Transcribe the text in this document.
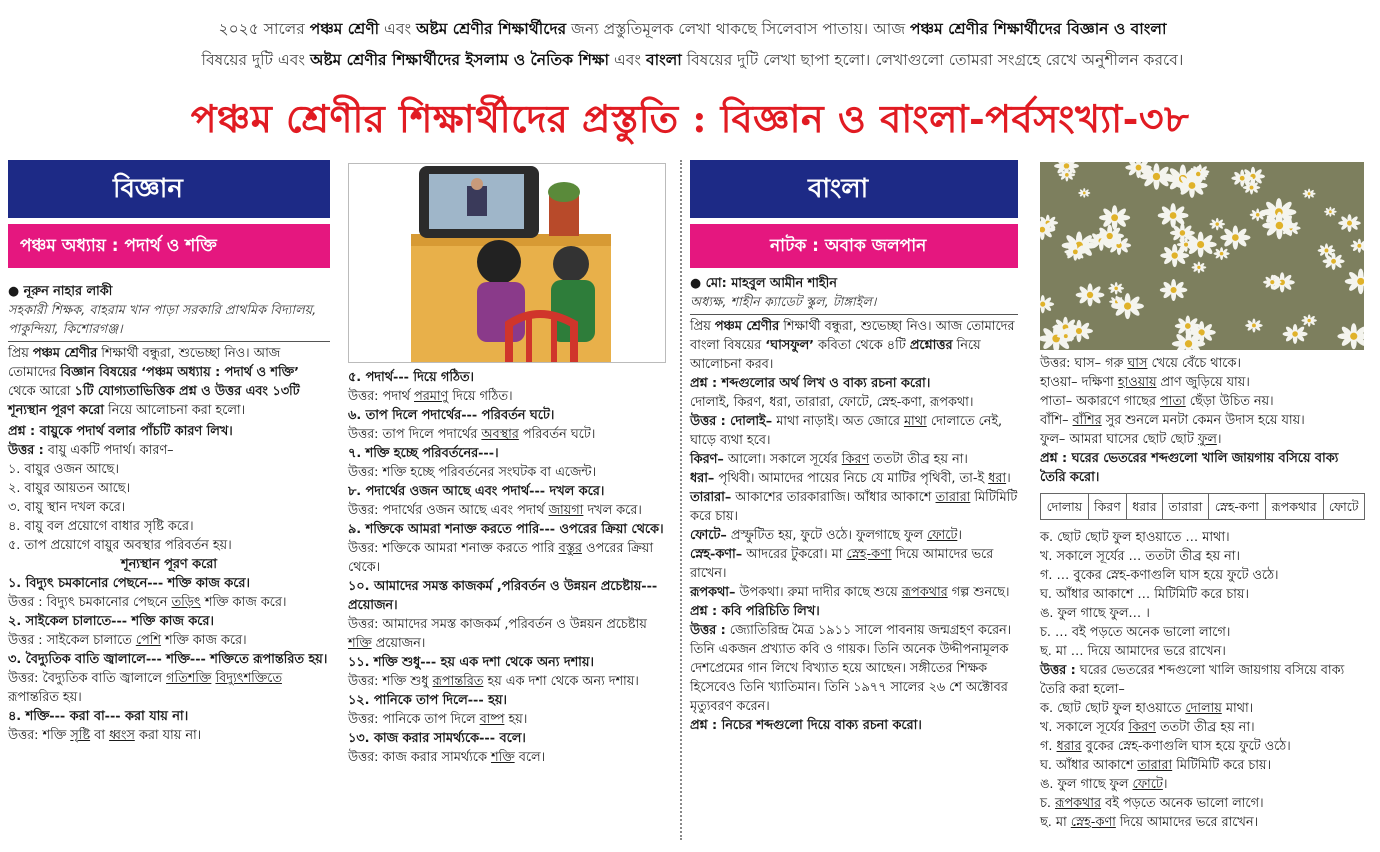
২০২৫ সালের পঞ্চম শ্রেণী এবং অষ্টম শ্রেণীর শিক্ষার্থীদের জন্য প্রস্তুতিমূলক লেখা থাকছে সিলেবাস পাতায়। আজ পঞ্চম শ্রেণীর শিক্ষার্থীদের বিজ্ঞান ও বাংলা
বিষয়ের দুটি এবং অষ্টম শ্রেণীর শিক্ষার্থীদের ইসলাম ও নৈতিক শিক্ষা এবং বাংলা বিষয়ের দুটি লেখা ছাপা হলো। লেখাগুলো তোমরা সংগ্রহে রেখে অনুশীলন করবে।
পঞ্চম শ্রেণীর শিক্ষার্থীদের প্রস্তুতি : বিজ্ঞান ও বাংলা-পর্বসংখ্যা-৩৮
বিজ্ঞান
পঞ্চম অধ্যায় : পদার্থ ও শক্তি

● নূরুন নাহার লাকী

সহকারী শিক্ষক, বাহরাম খান পাড়া সরকারি প্রাথমিক বিদ্যালয়, পাকুন্দিয়া, কিশোরগঞ্জ।

প্রিয় পঞ্চম শ্রেণীর শিক্ষার্থী বন্ধুরা, শুভেচ্ছা নিও। আজ তোমাদের বিজ্ঞান বিষয়ের ‘পঞ্চম অধ্যায় : পদার্থ ও শক্তি’ থেকে আরো ১টি যোগ্যতাভিত্তিক প্রশ্ন ও উত্তর এবং ১৩টি শূন্যস্থান পূরণ করো নিয়ে আলোচনা করা হলো।

প্রশ্ন : বায়ুকে পদার্থ বলার পাঁচটি কারণ লিখ।

উত্তর : বায়ু একটি পদার্থ। কারণ–

১. বায়ুর ওজন আছে।

২. বায়ুর আয়তন আছে।

৩. বায়ু স্থান দখল করে।

৪. বায়ু বল প্রয়োগে বাধার সৃষ্টি করে।

৫. তাপ প্রয়োগে বায়ুর অবস্থার পরিবর্তন হয়।

শূন্যস্থান পূরণ করো

১. বিদ্যুৎ চমকানোর পেছনে--- শক্তি কাজ করে।

উত্তর : বিদ্যুৎ চমকানোর পেছনে তড়িৎ শক্তি কাজ করে।

২. সাইকেল চালাতে--- শক্তি কাজ করে।

উত্তর : সাইকেল চালাতে পেশি শক্তি কাজ করে।

৩. বৈদ্যুতিক বাতি জ্বালালে--- শক্তি--- শক্তিতে রূপান্তরিত হয়।

উত্তর: বৈদ্যুতিক বাতি জ্বালালে গতিশক্তি বিদ্যুৎশক্তিতে রূপান্তরিত হয়।

৪. শক্তি--- করা বা--- করা যায় না।

উত্তর: শক্তি সৃষ্টি বা ধ্বংস করা যায় না।

৫. পদার্থ--- দিয়ে গঠিত।

উত্তর: পদার্থ পরমাণু দিয়ে গঠিত।

৬. তাপ দিলে পদার্থের--- পরিবর্তন ঘটে।

উত্তর: তাপ দিলে পদার্থের অবস্থার পরিবর্তন ঘটে।

৭. শক্তি হচ্ছে পরিবর্তনের---।

উত্তর: শক্তি হচ্ছে পরিবর্তনের সংঘটক বা এজেন্ট।

৮. পদার্থের ওজন আছে এবং পদার্থ--- দখল করে।

উত্তর: পদার্থের ওজন আছে এবং পদার্থ জায়গা দখল করে।

৯. শক্তিকে আমরা শনাক্ত করতে পারি--- ওপরের ক্রিয়া থেকে।

উত্তর: শক্তিকে আমরা শনাক্ত করতে পারি বস্তুর ওপরের ক্রিয়া থেকে।

১০. আমাদের সমস্ত কাজকর্ম ,পরিবর্তন ও উন্নয়ন প্রচেষ্টায়--- প্রয়োজন।

উত্তর: আমাদের সমস্ত কাজকর্ম ,পরিবর্তন ও উন্নয়ন প্রচেষ্টায় শক্তি প্রয়োজন।

১১. শক্তি শুধু--- হয় এক দশা থেকে অন্য দশায়।

উত্তর: শক্তি শুধু রূপান্তরিত হয় এক দশা থেকে অন্য দশায়।

১২. পানিকে তাপ দিলে--- হয়।

উত্তর: পানিকে তাপ দিলে বাষ্প হয়।

১৩. কাজ করার সামর্থ্যকে--- বলে।

উত্তর: কাজ করার সামর্থ্যকে শক্তি বলে।

বাংলা
নাটক : অবাক জলপান

● মো: মাহবুল আমীন শাহীন

অধ্যক্ষ, শাহীন ক্যাডেট স্কুল, টাঙ্গাইল।

প্রিয় পঞ্চম শ্রেণীর শিক্ষার্থী বন্ধুরা, শুভেচ্ছা নিও। আজ তোমাদের বাংলা বিষয়ের ‘ঘাসফুল’ কবিতা থেকে ৪টি প্রশ্নোত্তর নিয়ে আলোচনা করব।

প্রশ্ন : শব্দগুলোর অর্থ লিখ ও বাক্য রচনা করো।

দোলাই, কিরণ, ধরা, তারারা, ফোটে, স্নেহ-কণা, রূপকথা।

উত্তর : দোলাই– মাথা নাড়াই। অত জোরে মাথা দোলাতে নেই, ঘাড়ে ব্যথা হবে।

কিরণ– আলো। সকালে সূর্যের কিরণ ততটা তীব্র হয় না।

ধরা– পৃথিবী। আমাদের পায়ের নিচে যে মাটির পৃথিবী, তা-ই ধরা।

তারারা– আকাশের তারকারাজি। আঁধার আকাশে তারারা মিটিমিটি করে চায়।

ফোটে– প্রস্ফুটিত হয়, ফুটে ওঠে। ফুলগাছে ফুল ফোটে।

স্নেহ-কণা– আদরের টুকরো। মা স্নেহ-কণা দিয়ে আমাদের ভরে রাখেন।

রূপকথা– উপকথা। রুমা দাদীর কাছে শুয়ে রূপকথার গল্প শুনছে।

প্রশ্ন : কবি পরিচিতি লিখ।

উত্তর : জ্যোতিরিন্দ্র মৈত্র ১৯১১ সালে পাবনায় জন্মগ্রহণ করেন। তিনি একজন প্রখ্যাত কবি ও গায়ক। তিনি অনেক উদ্দীপনামূলক দেশপ্রেমের গান লিখে বিখ্যাত হয়ে আছেন। সঙ্গীতের শিক্ষক হিসেবেও তিনি খ্যাতিমান। তিনি ১৯৭৭ সালের ২৬ শে অক্টোবর মৃত্যুবরণ করেন।

প্রশ্ন : নিচের শব্দগুলো দিয়ে বাক্য রচনা করো।

উত্তর: ঘাস– গরু ঘাস খেয়ে বেঁচে থাকে।

হাওয়া– দক্ষিণা হাওয়ায় প্রাণ জুড়িয়ে যায়।

পাতা– অকারণে গাছের পাতা ছেঁড়া উচিত নয়।

বাঁশি– বাঁশির সুর শুনলে মনটা কেমন উদাস হয়ে যায়।

ফুল– আমরা ঘাসের ছোট ছোট ফুল।

প্রশ্ন : ঘরের ভেতরের শব্দগুলো খালি জায়গায় বসিয়ে বাক্য তৈরি করো।

দোলায়	কিরণ	ধরার	তারারা	স্নেহ-কণা	রূপকথার	ফোটে

ক. ছোট ছোট ফুল হাওয়াতে … মাথা।

খ. সকালে সূর্যের … ততটা তীব্র হয় না।

গ. … বুকের স্নেহ-কণাগুলি ঘাস হয়ে ফুটে ওঠে।

ঘ. আঁধার আকাশে … মিটিমিটি করে চায়।

ঙ. ফুল গাছে ফুল… ।

চ. … বই পড়তে অনেক ভালো লাগে।

ছ. মা … দিয়ে আমাদের ভরে রাখেন।

উত্তর : ঘরের ভেতরের শব্দগুলো খালি জায়গায় বসিয়ে বাক্য তৈরি করা হলো–

ক. ছোট ছোট ফুল হাওয়াতে দোলায় মাথা।

খ. সকালে সূর্যের কিরণ ততটা তীব্র হয় না।

গ. ধরার বুকের স্নেহ-কণাগুলি ঘাস হয়ে ফুটে ওঠে।

ঘ. আঁধার আকাশে তারারা মিটিমিটি করে চায়।

ঙ. ফুল গাছে ফুল ফোটে।

চ. রূপকথার বই পড়তে অনেক ভালো লাগে।

ছ. মা স্নেহ-কণা দিয়ে আমাদের ভরে রাখেন।
